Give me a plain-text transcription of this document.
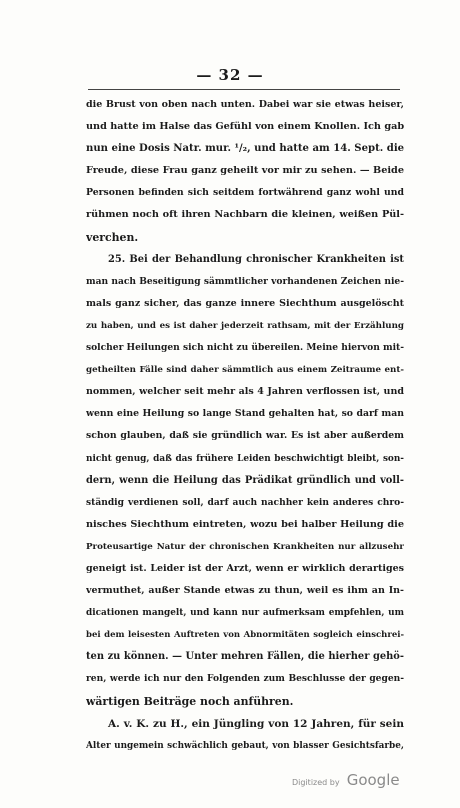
— 32 —
die Brust von oben nach unten. Dabei war sie etwas heiser,
und hatte im Halse das Gefühl von einem Knollen. Ich gab
nun eine Dosis Natr. mur. ¹/₂, und hatte am 14. Sept. die
Freude, diese Frau ganz geheilt vor mir zu sehen. — Beide
Personen befinden sich seitdem fortwährend ganz wohl und
rühmen noch oft ihren Nachbarn die kleinen, weißen Pül-
verchen.
25. Bei der Behandlung chronischer Krankheiten ist
man nach Beseitigung sämmtlicher vorhandenen Zeichen nie-
mals ganz sicher, das ganze innere Siechthum ausgelöscht
zu haben, und es ist daher jederzeit rathsam, mit der Erzählung
solcher Heilungen sich nicht zu übereilen. Meine hiervon mit-
getheilten Fälle sind daher sämmtlich aus einem Zeitraume ent-
nommen, welcher seit mehr als 4 Jahren verflossen ist, und
wenn eine Heilung so lange Stand gehalten hat, so darf man
schon glauben, daß sie gründlich war. Es ist aber außerdem
nicht genug, daß das frühere Leiden beschwichtigt bleibt, son-
dern, wenn die Heilung das Prädikat gründlich und voll-
ständig verdienen soll, darf auch nachher kein anderes chro-
nisches Siechthum eintreten, wozu bei halber Heilung die
Proteusartige Natur der chronischen Krankheiten nur allzusehr
geneigt ist. Leider ist der Arzt, wenn er wirklich derartiges
vermuthet, außer Stande etwas zu thun, weil es ihm an In-
dicationen mangelt, und kann nur aufmerksam empfehlen, um
bei dem leisesten Auftreten von Abnormitäten sogleich einschrei-
ten zu können. — Unter mehren Fällen, die hierher gehö-
ren, werde ich nur den Folgenden zum Beschlusse der gegen-
wärtigen Beiträge noch anführen.
A. v. K. zu H., ein Jüngling von 12 Jahren, für sein
Alter ungemein schwächlich gebaut, von blasser Gesichtsfarbe,
Digitized by Google
